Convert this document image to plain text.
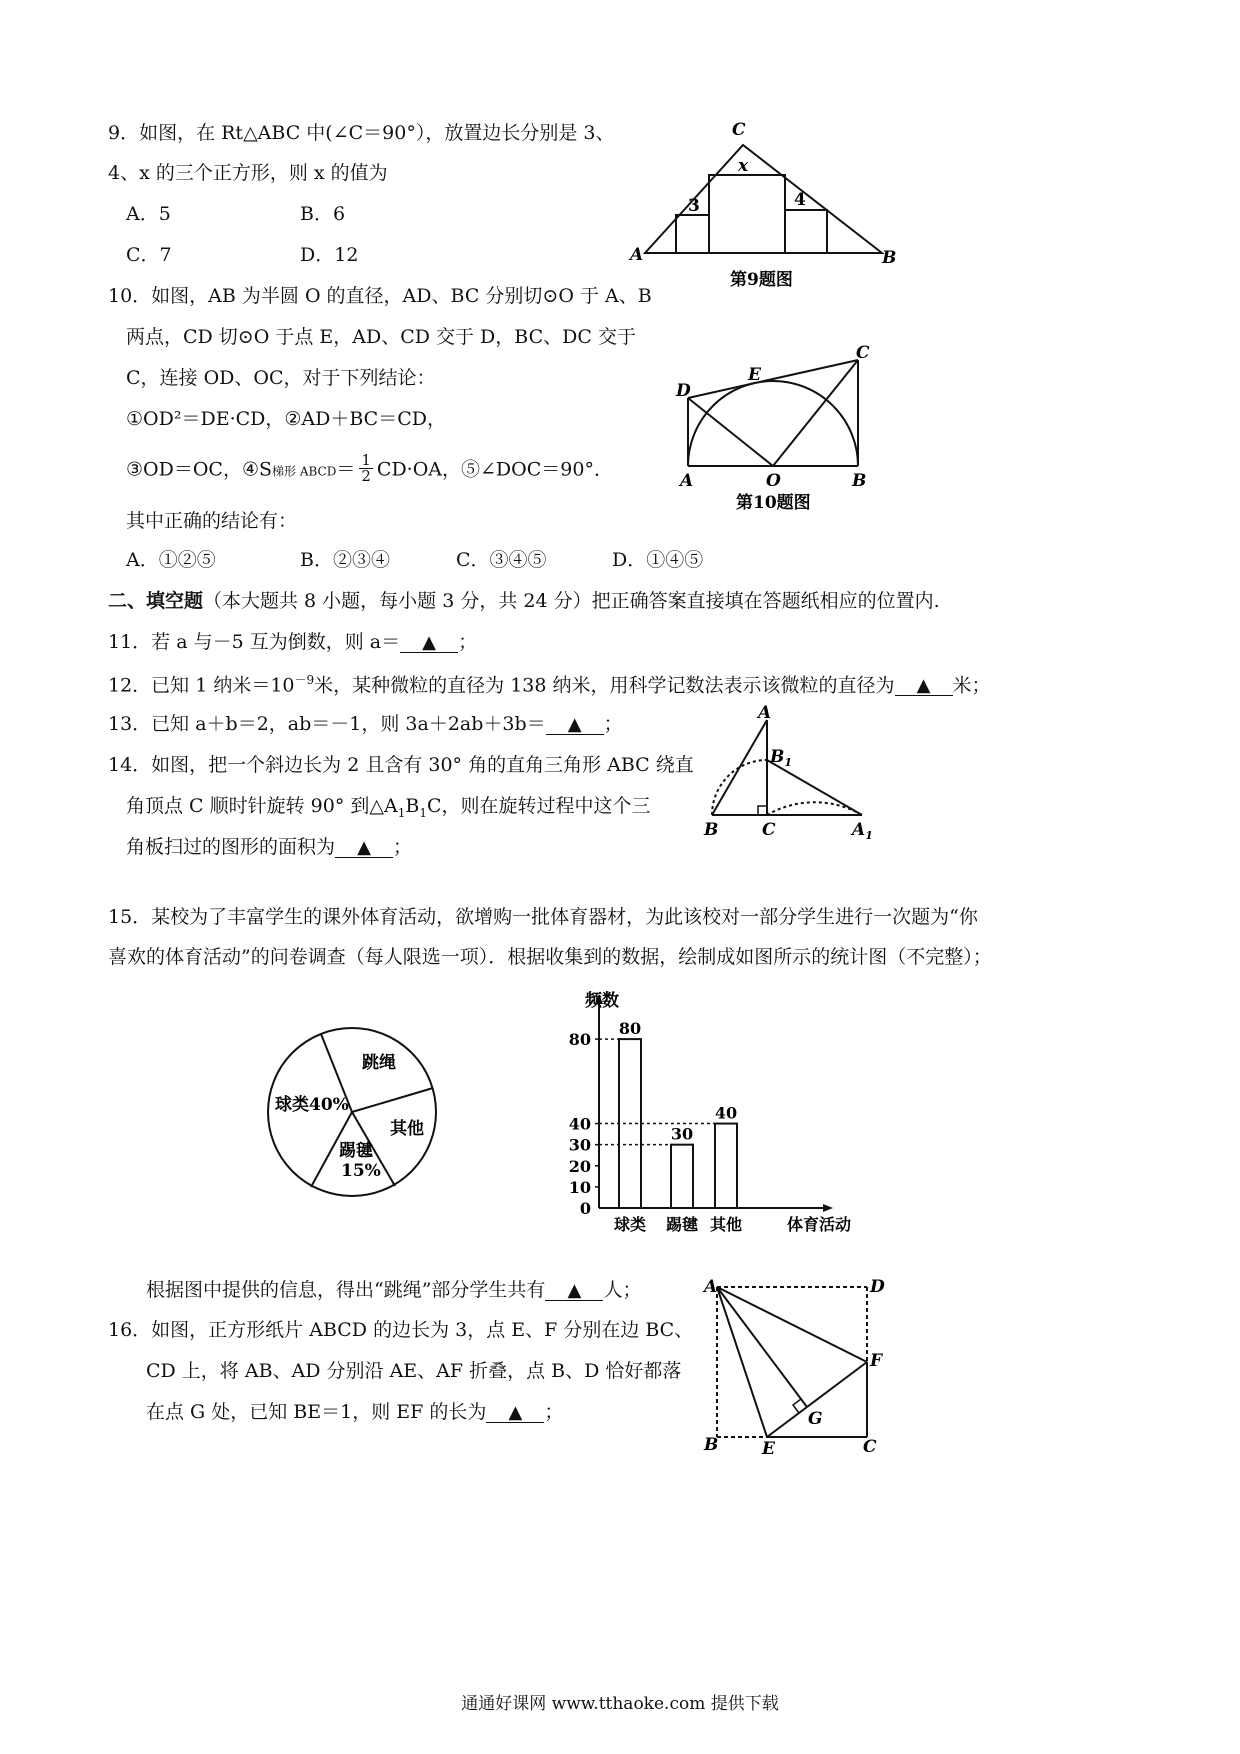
9．如图，在 Rt△ABC 中(∠C＝90°），放置边长分别是 3、
4、x 的三个正方形，则 x 的值为
A．5	B．6
C．7	D．12
C
x
3	4
A	B
第9题图
10．如图，AB 为半圆 O 的直径，AD、BC 分别切⊙O 于 A、B
两点，CD 切⊙O 于点 E，AD、CD 交于 D，BC、DC 交于
C，连接 OD、OC，对于下列结论：
①OD²＝DE·CD，②AD＋BC＝CD，
③OD＝OC，④S梯形 ABCD＝ $\frac{1}{2} CD\cdot OA$，⑤∠DOC＝90°．
其中正确的结论有：
A．①②⑤	B．②③④	C．③④⑤	D．①④⑤
D
E
C
A	O	B
第10题图
二、填空题（本大题共 8 小题，每小题 3 分，共 24 分）把正确答案直接填在答题纸相应的位置内.
11．若 a 与－5 互为倒数，则 a＝ ▲ ；
12．已知 1 纳米$=10^{-9}$米，某种微粒的直径为 138 纳米，用科学记数法表示该微粒的直径为 ▲ 米；
13．已知 a＋b＝2，ab＝－1，则 3a＋2ab＋3b＝ ▲ ；
14．如图，把一个斜边长为 2 且含有 30° 角的直角三角形 ABC 绕直
角顶点 C 顺时针旋转 90° 到$\triangle A_1B_1C$，则在旋转过程中这个三
角板扫过的图形的面积为 ▲ ；
A
$B_1$
B	C	$A_1$
15．某校为了丰富学生的课外体育活动，欲增购一批体育器材，为此该校对一部分学生进行一次题为“你
喜欢的体育活动”的问卷调查（每人限选一项）．根据收集到的数据，绘制成如图所示的统计图（不完整）；
球类40%
跳绳
其他
踢毽
15%
频数
体育活动
0
10
20
30
40
80
80
球类
30
踢毽
40
其他
根据图中提供的信息，得出“跳绳”部分学生共有 ▲ 人；
16．如图，正方形纸片 ABCD 的边长为 3，点 E、F 分别在边 BC、
CD 上，将 AB、AD 分别沿 AE、AF 折叠，点 B、D 恰好都落
在点 G 处，已知 BE＝1，则 EF 的长为 ▲ ；
A	D
F
G
B	E	C
通通好课网 www.tthaoke.com 提供下载
